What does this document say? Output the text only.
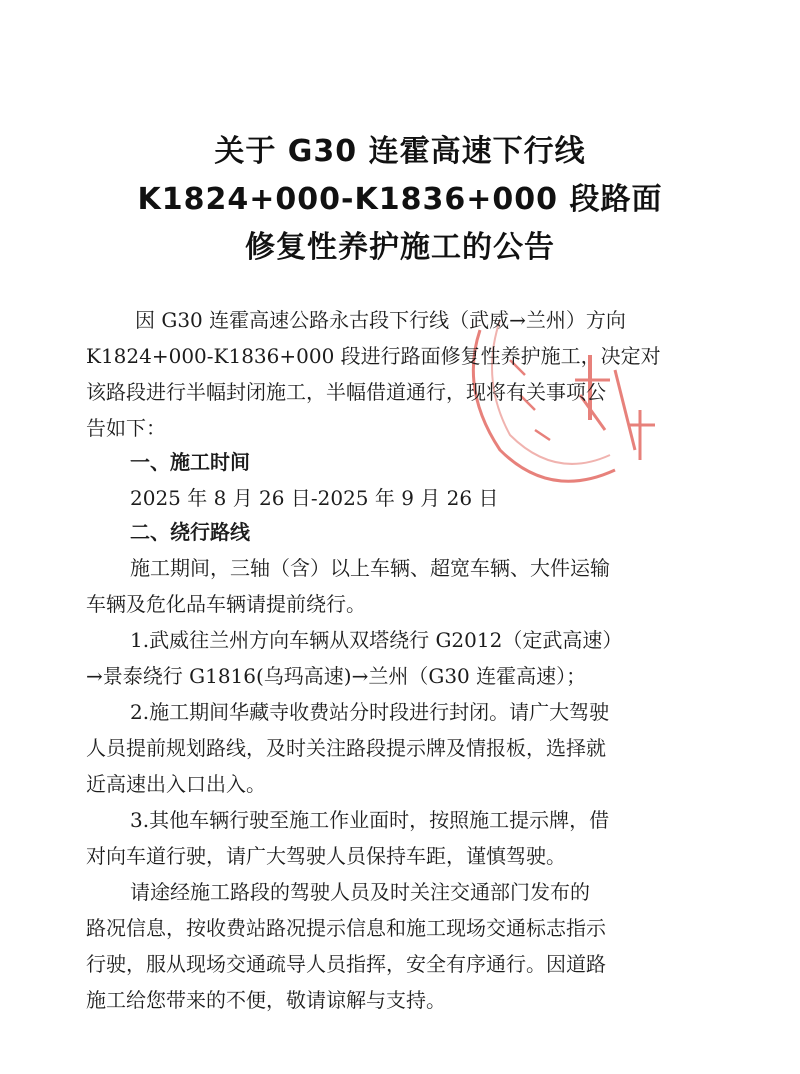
关于 G30 连霍高速下行线
K1824+000-K1836+000 段路面
修复性养护施工的公告
因 G30 连霍高速公路永古段下行线（武威→兰州）方向
K1824+000-K1836+000 段进行路面修复性养护施工，决定对
该路段进行半幅封闭施工，半幅借道通行，现将有关事项公
告如下：
一、施工时间
2025 年 8 月 26 日-2025 年 9 月 26 日
二、绕行路线
施工期间，三轴（含）以上车辆、超宽车辆、大件运输
车辆及危化品车辆请提前绕行。
1.武威往兰州方向车辆从双塔绕行 G2012（定武高速）
→景泰绕行 G1816(乌玛高速)→兰州（G30 连霍高速）；
2.施工期间华藏寺收费站分时段进行封闭。请广大驾驶
人员提前规划路线，及时关注路段提示牌及情报板，选择就
近高速出入口出入。
3.其他车辆行驶至施工作业面时，按照施工提示牌，借
对向车道行驶，请广大驾驶人员保持车距，谨慎驾驶。
请途经施工路段的驾驶人员及时关注交通部门发布的
路况信息，按收费站路况提示信息和施工现场交通标志指示
行驶，服从现场交通疏导人员指挥，安全有序通行。因道路
施工给您带来的不便，敬请谅解与支持。
